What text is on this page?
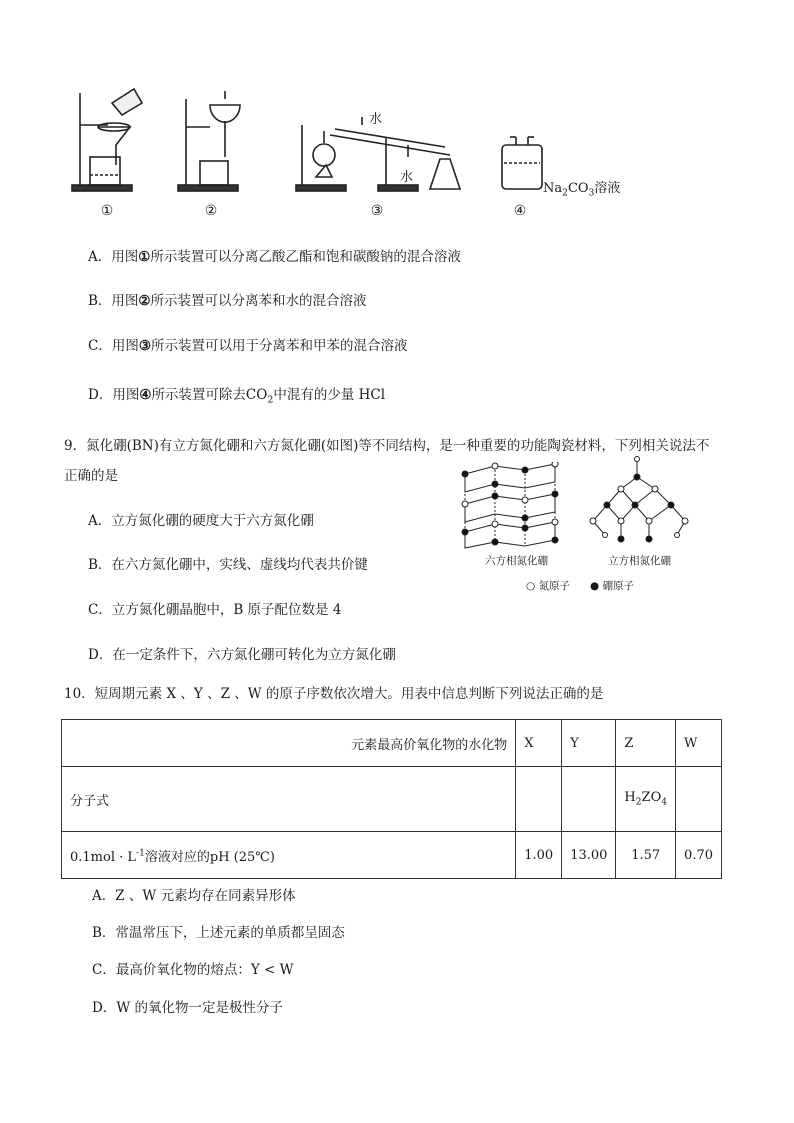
水
水
$Na_2CO_3$溶液
①	②	③	④
A．用图①所示装置可以分离乙酸乙酯和饱和碳酸钠的混合溶液
B．用图②所示装置可以分离苯和水的混合溶液
C．用图③所示装置可以用于分离苯和甲苯的混合溶液
D．用图④所示装置可除去$CO_2$中混有的少量 HCl
9．氮化硼(BN)有立方氮化硼和六方氮化硼(如图)等不同结构，是一种重要的功能陶瓷材料，下列相关说法不
正确的是
A．立方氮化硼的硬度大于六方氮化硼
B．在六方氮化硼中，实线、虚线均代表共价键
C．立方氮化硼晶胞中，B 原子配位数是 4
D．在一定条件下，六方氮化硼可转化为立方氮化硼
六方相氮化硼	立方相氮化硼
○ 氮原子 ● 硼原子
10．短周期元素 X 、Y 、Z 、W 的原子序数依次增大。用表中信息判断下列说法正确的是
元素最高价氧化物的水化物	X	Y	Z	W
分子式			$H_2ZO_4$	
$0.1mol \cdot L^{-1}$溶液对应的pH (25℃)	1.00	13.00	1.57	0.70
A．Z 、W 元素均存在同素异形体
B．常温常压下，上述元素的单质都呈固态
C．最高价氧化物的熔点：Y < W
D．W 的氧化物一定是极性分子
